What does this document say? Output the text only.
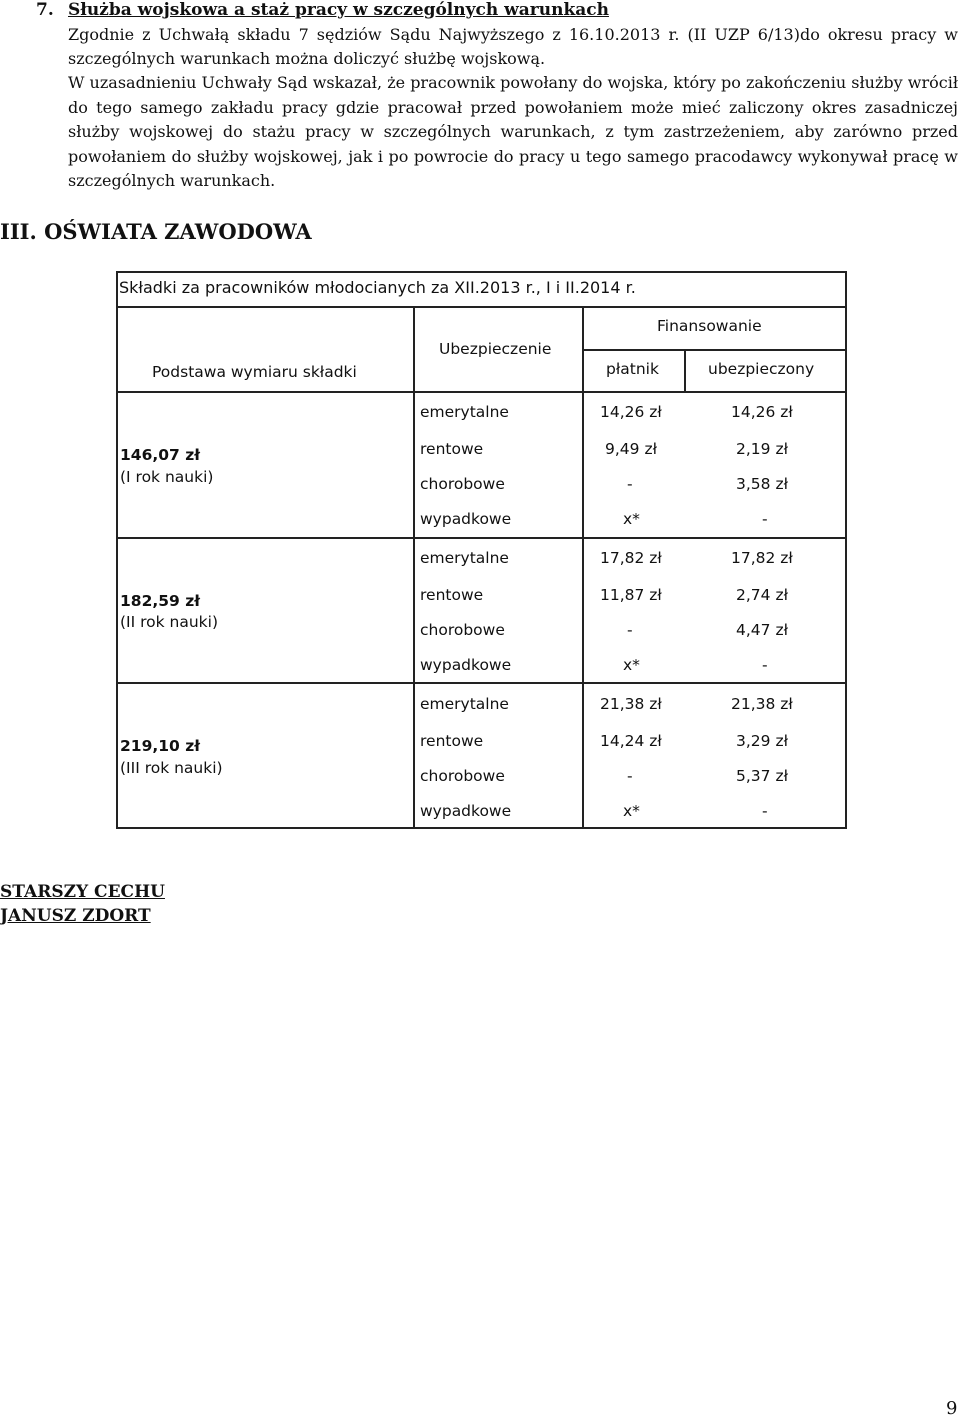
7. Służba wojskowa a staż pracy w szczególnych warunkach
Zgodnie z Uchwałą składu 7 sędziów Sądu Najwyższego z 16.10.2013 r. (II UZP 6/13)do okresu pracy w szczególnych warunkach można doliczyć służbę wojskową.
W uzasadnieniu Uchwały Sąd wskazał, że pracownik powołany do wojska, który po zakończeniu służby wrócił do tego samego zakładu pracy gdzie pracował przed powołaniem może mieć zaliczony okres zasadniczej służby wojskowej do stażu pracy w szczególnych warunkach, z tym zastrzeżeniem, aby zarówno przed powołaniem do służby wojskowej, jak i po powrocie do pracy u tego samego pracodawcy wykonywał pracę w szczególnych warunkach.
III. OŚWIATA ZAWODOWA
Składki za pracowników młodocianych za XII.2013 r., I i II.2014 r.
Podstawa wymiaru składki
Ubezpieczenie
Finansowanie
płatnik	ubezpieczony
146,07 zł
(I rok nauki)
emerytalne	14,26 zł	14,26 zł
rentowe	9,49 zł	2,19 zł
chorobowe	-	3,58 zł
wypadkowe	x*	-
182,59 zł
(II rok nauki)
emerytalne	17,82 zł	17,82 zł
rentowe	11,87 zł	2,74 zł
chorobowe	-	4,47 zł
wypadkowe	x*	-
219,10 zł
(III rok nauki)
emerytalne	21,38 zł	21,38 zł
rentowe	14,24 zł	3,29 zł
chorobowe	-	5,37 zł
wypadkowe	x*	-
STARSZY CECHU
JANUSZ ZDORT
9
